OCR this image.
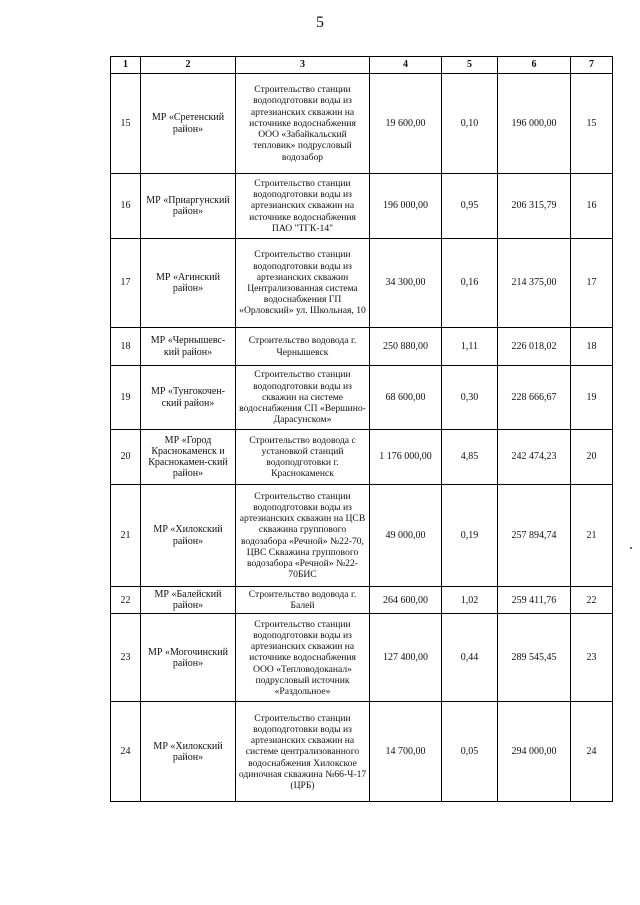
5
1	2	3	4	5	6	7
15	МР «Сретенский район»	Строительство станции водоподготовки воды из артезианских скважин на источнике водоснабжения ООО «Забайкальский тепловик» подрусловый водозабор	19 600,00	0,10	196 000,00	15
16	МР «Приаргунский район»	Строительство станции водоподготовки воды из артезианских скважин на источнике водоснабжения ПАО "ТГК-14"	196 000,00	0,95	206 315,79	16
17	МР «Агинский район»	Строительство станции водоподготовки воды из артезианских скважин Централизованная система водоснабжения ГП «Орловский» ул. Школьная, 10	34 300,00	0,16	214 375,00	17
18	МР «Чернышевс-кий район»	Строительство водовода г. Чернышевск	250 880,00	1,11	226 018,02	18
19	МР «Тунгокочен-ский район»	Строительство станции водоподготовки воды из скважин на системе водоснабжения СП «Вершино-Дарасунском»	68 600,00	0,30	228 666,67	19
20	МР «Город Краснокаменск и Краснокамен-ский район»	Строительство водовода с установкой станций водоподготовки г. Краснокаменск	1 176 000,00	4,85	242 474,23	20
21	МР «Хилокский район»	Строительство станции водоподготовки воды из артезианских скважин на ЦСВ скважина группового водозабора «Речной» №22-70, ЦВС Скважина группового водозабора «Речной» №22-70БИС	49 000,00	0,19	257 894,74	21
22	МР «Балейский район»	Строительство водовода г. Балей	264 600,00	1,02	259 411,76	22
23	МР «Могочинский район»	Строительство станции водоподготовки воды из артезианских скважин на источнике водоснабжения ООО «Тепловодоканал» подрусловый источник «Раздольное»	127 400,00	0,44	289 545,45	23
24	МР «Хилокский район»	Строительство станции водоподготовки воды из артезианских скважин на системе централизованного водоснабжения Хилокское одиночная скважина №66-Ч-17 (ЦРБ)	14 700,00	0,05	294 000,00	24
